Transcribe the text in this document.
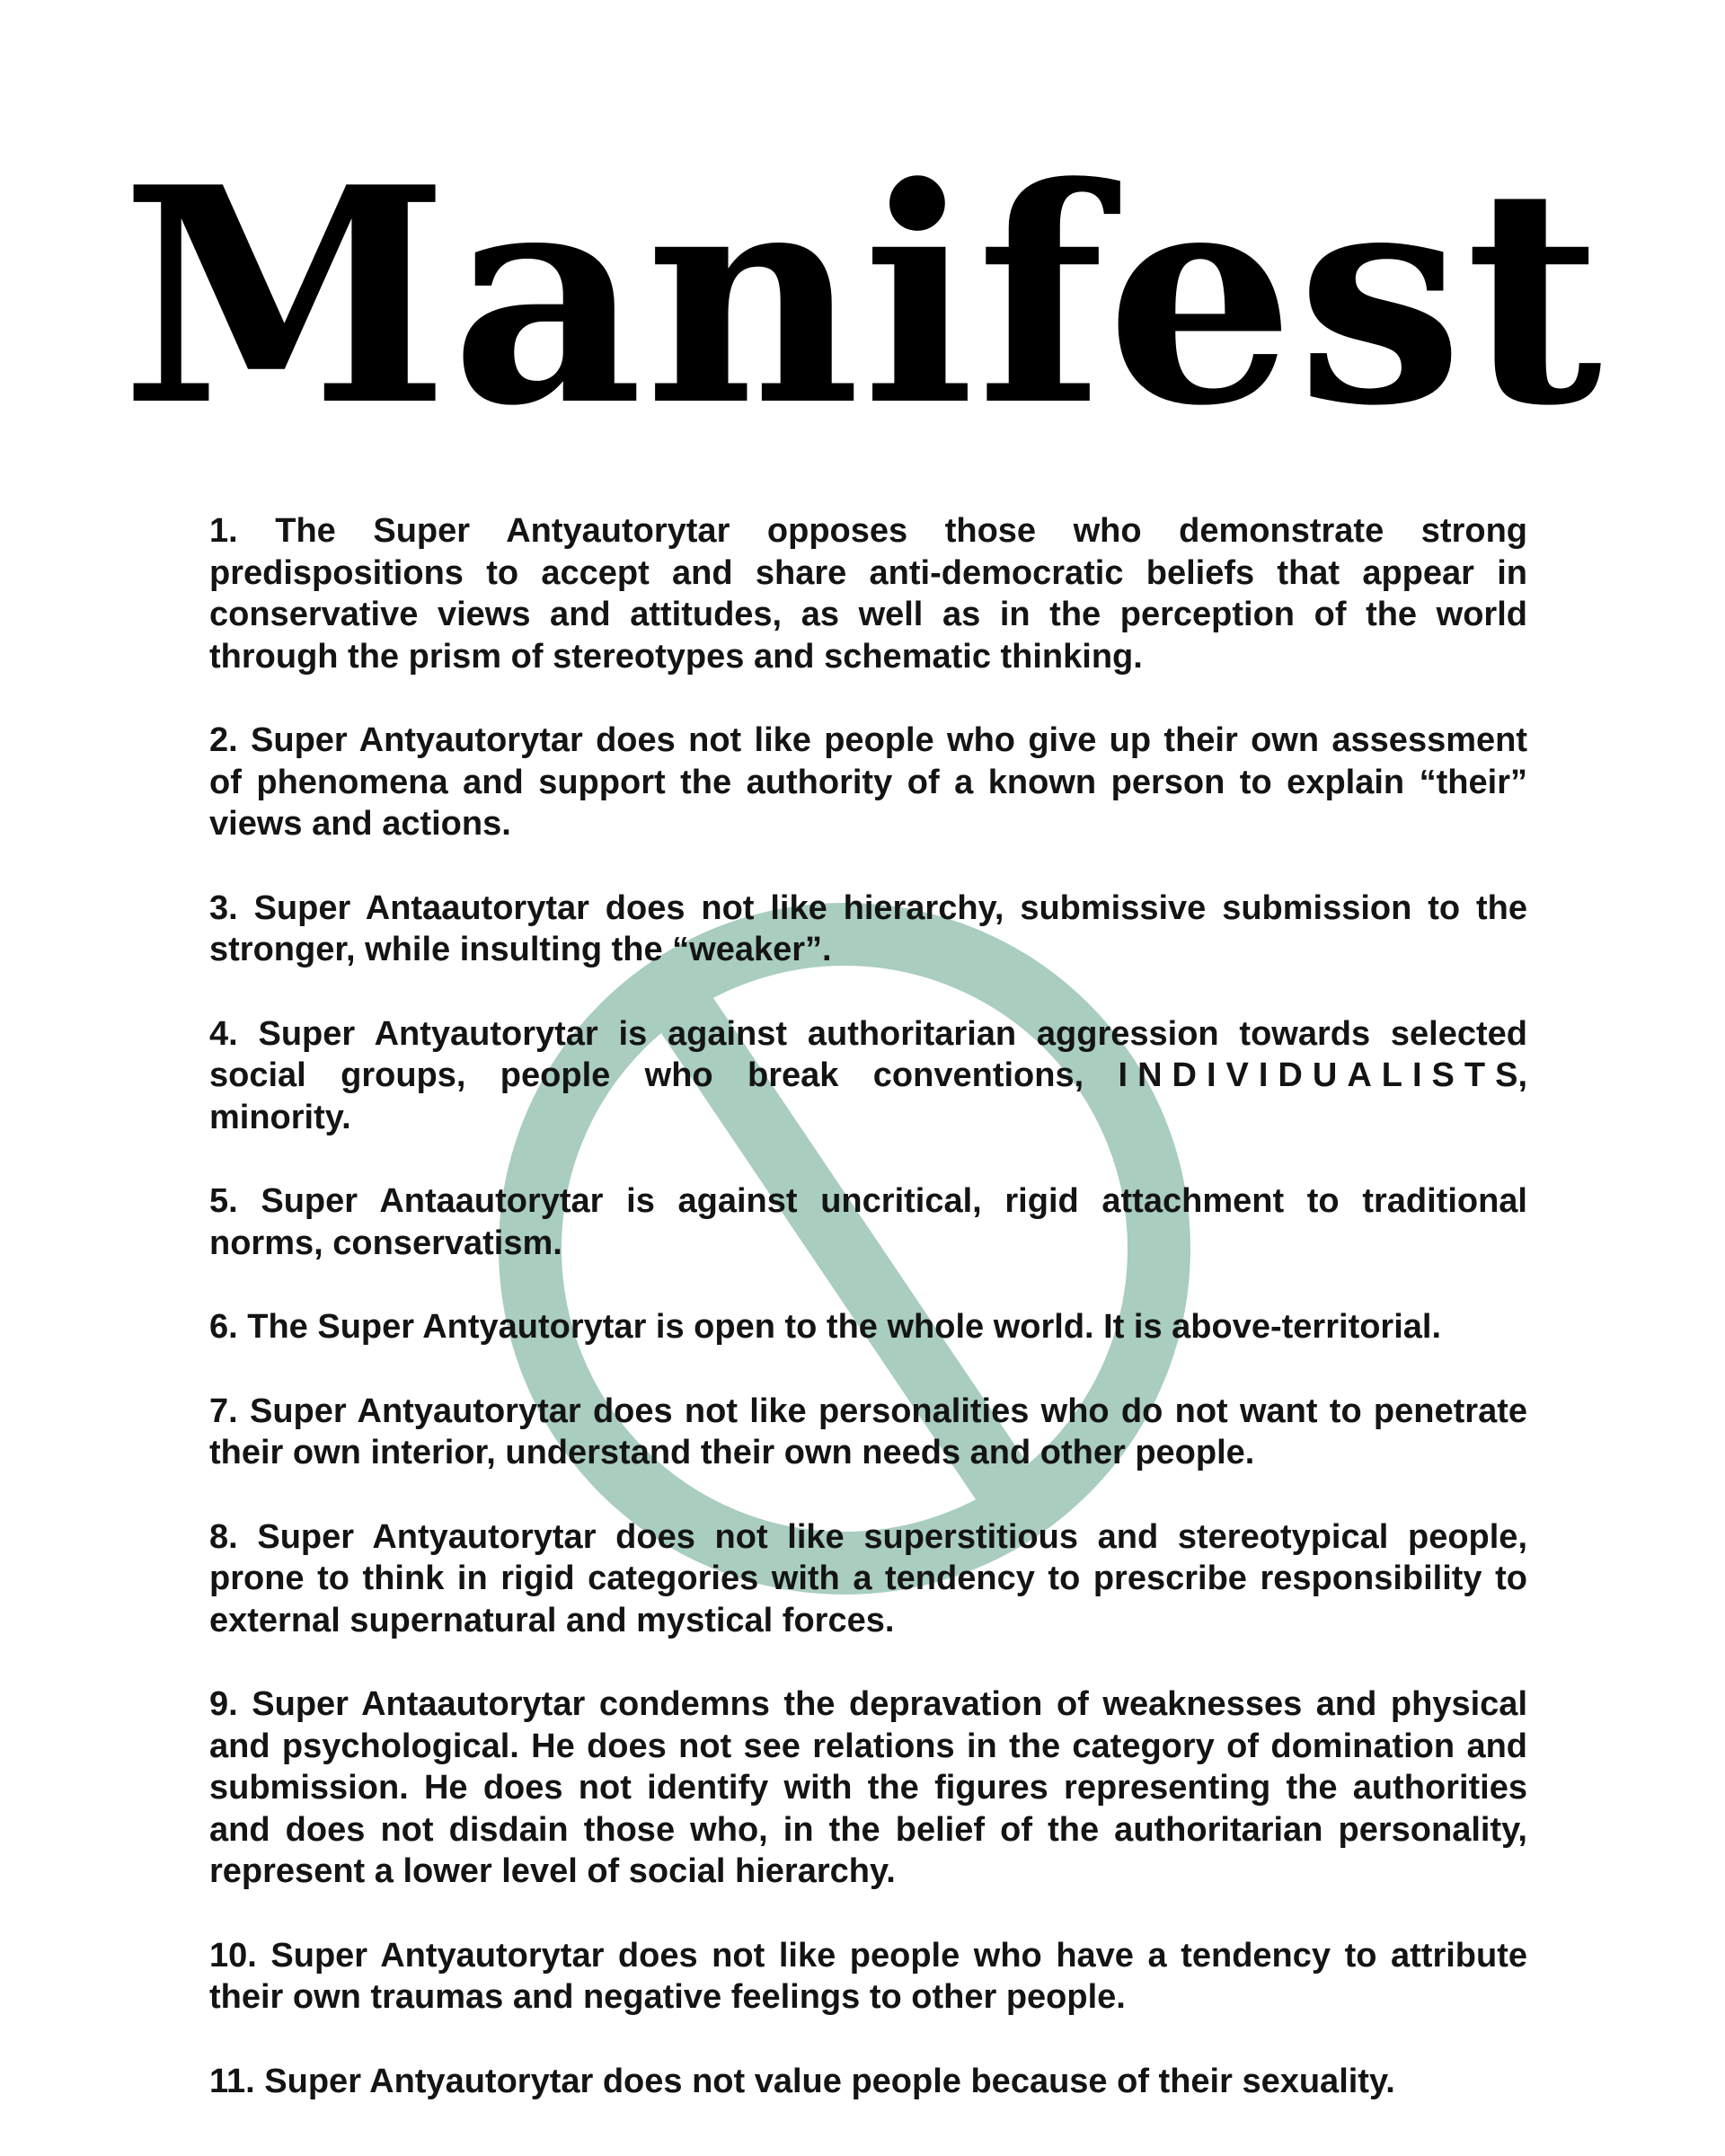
Manifest

1. The Super Antyautorytar opposes those who demonstrate strong predispositions to accept and share anti-democratic beliefs that appear in conservative views and attitudes, as well as in the perception of the world through the prism of stereotypes and schematic thinking.

2. Super Antyautorytar does not like people who give up their own assessment of phenomena and support the authority of a known person to explain “their” views and actions.

3. Super Antaautorytar does not like hierarchy, submissive submission to the stronger, while insulting the “weaker”.

4. Super Antyautorytar is against authoritarian aggression towards selected social groups, people who break conventions, INDIVIDUALISTS, minority.

5. Super Antaautorytar is against uncritical, rigid attachment to traditional norms, conservatism.

6. The Super Antyautorytar is open to the whole world. It is above-territorial.

7. Super Antyautorytar does not like personalities who do not want to penetrate their own interior, understand their own needs and other people.

8. Super Antyautorytar does not like superstitious and stereotypical people, prone to think in rigid categories with a tendency to prescribe responsibility to external supernatural and mystical forces.

9. Super Antaautorytar condemns the depravation of weaknesses and physical and psychological. He does not see relations in the category of domination and submission. He does not identify with the figures representing the authorities and does not disdain those who, in the belief of the authoritarian personality, represent a lower level of social hierarchy.

10. Super Antyautorytar does not like people who have a tendency to attribute their own traumas and negative feelings to other people.

11. Super Antyautorytar does not value people because of their sexuality.
